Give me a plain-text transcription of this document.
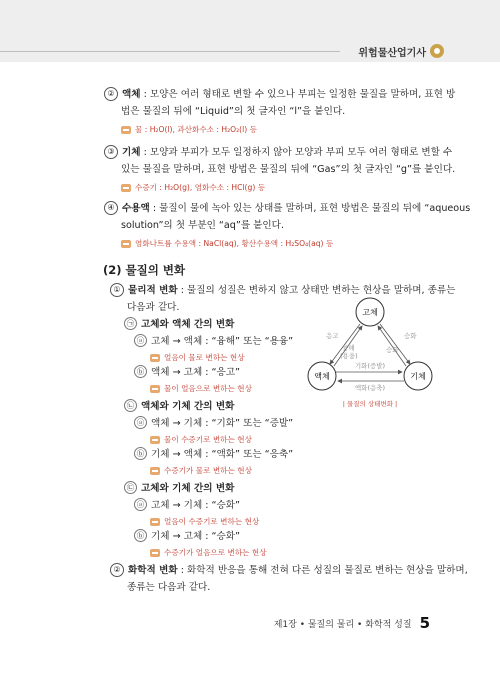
위험물산업기사
② 액체 : 모양은 여러 형태로 변할 수 있으나 부피는 일정한 물질을 말하며, 표현 방
법은 물질의 뒤에 “Liquid”의 첫 글자인 “l”을 붙인다.
물 : H₂O(l), 과산화수소 : H₂O₂(l) 등
③ 기체 : 모양과 부피가 모두 일정하지 않아 모양과 부피 모두 여러 형태로 변할 수
있는 물질을 말하며, 표현 방법은 물질의 뒤에 “Gas”의 첫 글자인 “g”를 붙인다.
수증기 : H₂O(g), 염화수소 : HCl(g) 등
④ 수용액 : 물질이 물에 녹아 있는 상태를 말하며, 표현 방법은 물질의 뒤에 “aqueous
solution”의 첫 부분인 “aq”를 붙인다.
염화나트륨 수용액 : NaCl(aq), 황산수용액 : H₂SO₄(aq) 등
(2) 물질의 변화
① 물리적 변화 : 물질의 성질은 변하지 않고 상태만 변하는 현상을 말하며, 종류는
다음과 같다.
㉠ 고체와 액체 간의 변화
ⓐ 고체 → 액체 : “융해” 또는 “용융”
얼음이 물로 변하는 현상
ⓑ 액체 → 고체 : “응고”
물이 얼음으로 변하는 현상
㉡ 액체와 기체 간의 변화
ⓐ 액체 → 기체 : “기화” 또는 “증발”
물이 수증기로 변하는 현상
ⓑ 기체 → 액체 : “액화” 또는 “응축”
수증기가 물로 변하는 현상
㉢ 고체와 기체 간의 변화
ⓐ 고체 → 기체 : “승화”
얼음이 수증기로 변하는 현상
ⓑ 기체 → 고체 : “승화”
수증기가 얼음으로 변하는 현상
② 화학적 변화 : 화학적 반응을 통해 전혀 다른 성질의 물질로 변하는 현상을 말하며,
종류는 다음과 같다.
고체
액체	기체
응고
융해
(용융)
승화
승화
기화(증발)
액화(응축)
| 물질의 상태변화 |
제1장 • 물질의 물리 • 화학적 성질 5
